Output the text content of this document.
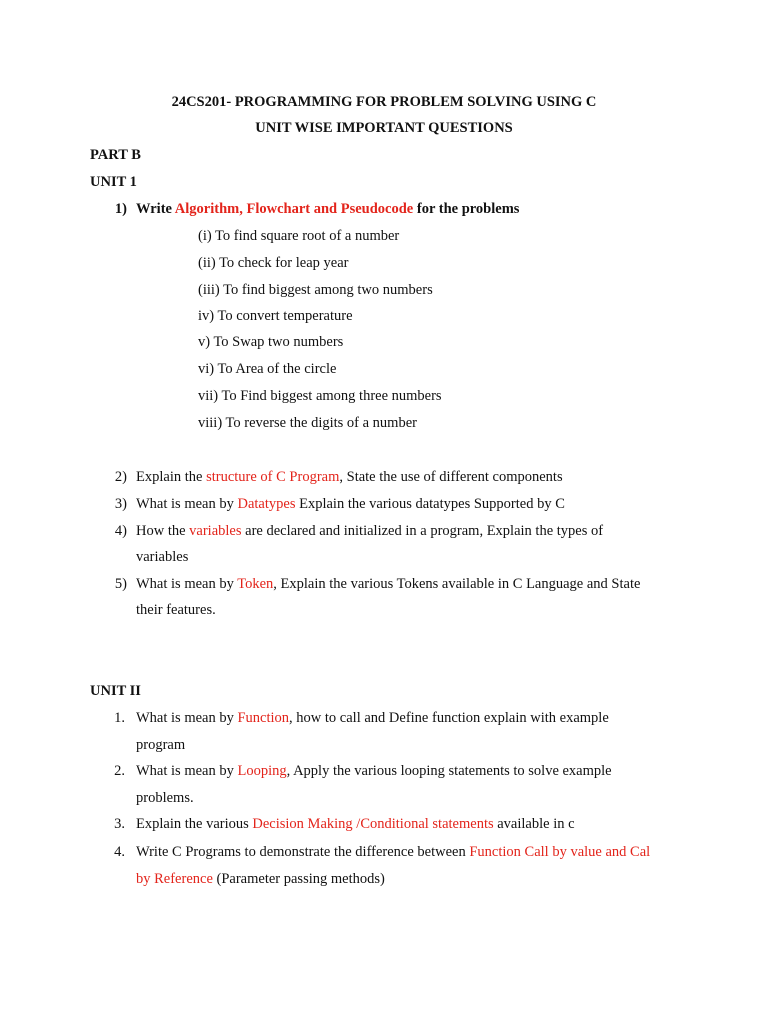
24CS201- PROGRAMMING FOR PROBLEM SOLVING USING C
UNIT WISE IMPORTANT QUESTIONS
PART B
UNIT 1
1) Write Algorithm, Flowchart and Pseudocode for the problems
(i) To find square root of a number
(ii) To check for leap year
(iii) To find biggest among two numbers
iv) To convert temperature
v) To Swap two numbers
vi) To Area of the circle
vii) To Find biggest among three numbers
viii) To reverse the digits of a number
2) Explain the structure of C Program, State the use of different components
3) What is mean by Datatypes Explain the various datatypes Supported by C
4) How the variables are declared and initialized in a program, Explain the types of
variables
5) What is mean by Token, Explain the various Tokens available in C Language and State
their features.
UNIT II
1. What is mean by Function, how to call and Define function explain with example
program
2. What is mean by Looping, Apply the various looping statements to solve example
problems.
3. Explain the various Decision Making /Conditional statements available in c
4. Write C Programs to demonstrate the difference between Function Call by value and Cal
by Reference (Parameter passing methods)
